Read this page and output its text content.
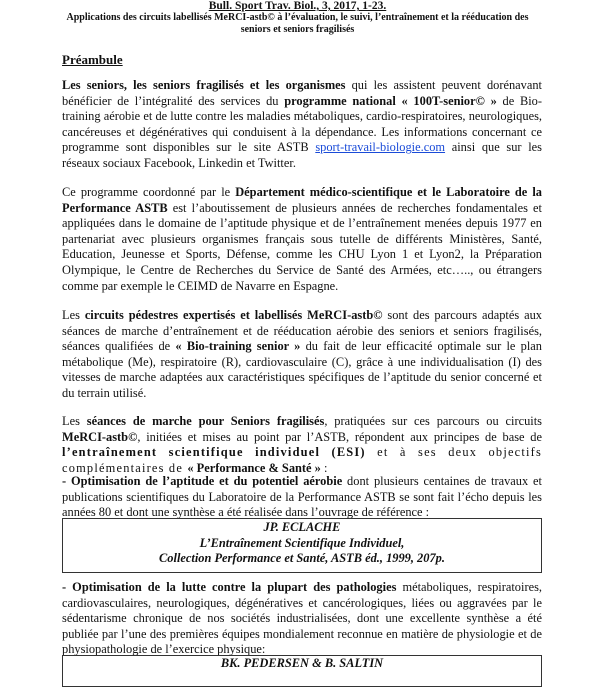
Bull. Sport Trav. Biol., 3, 2017, 1-23.
Applications des circuits labellisés MeRCI-astb© à l’évaluation, le suivi, l’entraînement et la rééducation des seniors et seniors fragilisés
Préambule

Les seniors, les seniors fragilisés et les organismes qui les assistent peuvent dorénavant bénéficier de l’intégralité des services du programme national « 100T-senior© » de Bio-training aérobie et de lutte contre les maladies métaboliques, cardio-respiratoires, neurologiques, cancéreuses et dégénératives qui conduisent à la dépendance. Les informations concernant ce programme sont disponibles sur le site ASTB sport-travail-biologie.com ainsi que sur les réseaux sociaux Facebook, Linkedin et Twitter.

Ce programme coordonné par le Département médico-scientifique et le Laboratoire de la Performance ASTB est l’aboutissement de plusieurs années de recherches fondamentales et appliquées dans le domaine de l’aptitude physique et de l’entraînement menées depuis 1977 en partenariat avec plusieurs organismes français sous tutelle de différents Ministères, Santé, Education, Jeunesse et Sports, Défense, comme les CHU Lyon 1 et Lyon2, la Préparation Olympique, le Centre de Recherches du Service de Santé des Armées, etc….., ou étrangers comme par exemple le CEIMD de Navarre en Espagne.

Les circuits pédestres expertisés et labellisés MeRCI-astb© sont des parcours adaptés aux séances de marche d’entraînement et de rééducation aérobie des seniors et seniors fragilisés, séances qualifiées de « Bio-training senior » du fait de leur efficacité optimale sur le plan métabolique (Me), respiratoire (R), cardiovasculaire (C), grâce à une individualisation (I) des vitesses de marche adaptées aux caractéristiques spécifiques de l’aptitude du senior concerné et du terrain utilisé.

Les séances de marche pour Seniors fragilisés, pratiquées sur ces parcours ou circuits MeRCI-astb©, initiées et mises au point par l’ASTB, répondent aux principes de base de l’entraînement scientifique individuel (ESI) et à ses deux objectifs complémentaires de « Performance & Santé » :

- Optimisation de l’aptitude et du potentiel aérobie dont plusieurs centaines de travaux et publications scientifiques du Laboratoire de la Performance ASTB se sont fait l’écho depuis les années 80 et dont une synthèse a été réalisée dans l’ouvrage de référence :

JP. ECLACHE
L’Entraînement Scientifique Individuel,
Collection Performance et Santé, ASTB éd., 1999, 207p.

- Optimisation de la lutte contre la plupart des pathologies métaboliques, respiratoires, cardiovasculaires, neurologiques, dégénératives et cancérologiques, liées ou aggravées par le sédentarisme chronique de nos sociétés industrialisées, dont une excellente synthèse a été publiée par l’une des premières équipes mondialement reconnue en matière de physiologie et de physiopathologie de l’exercice physique:

BK. PEDERSEN & B. SALTIN
